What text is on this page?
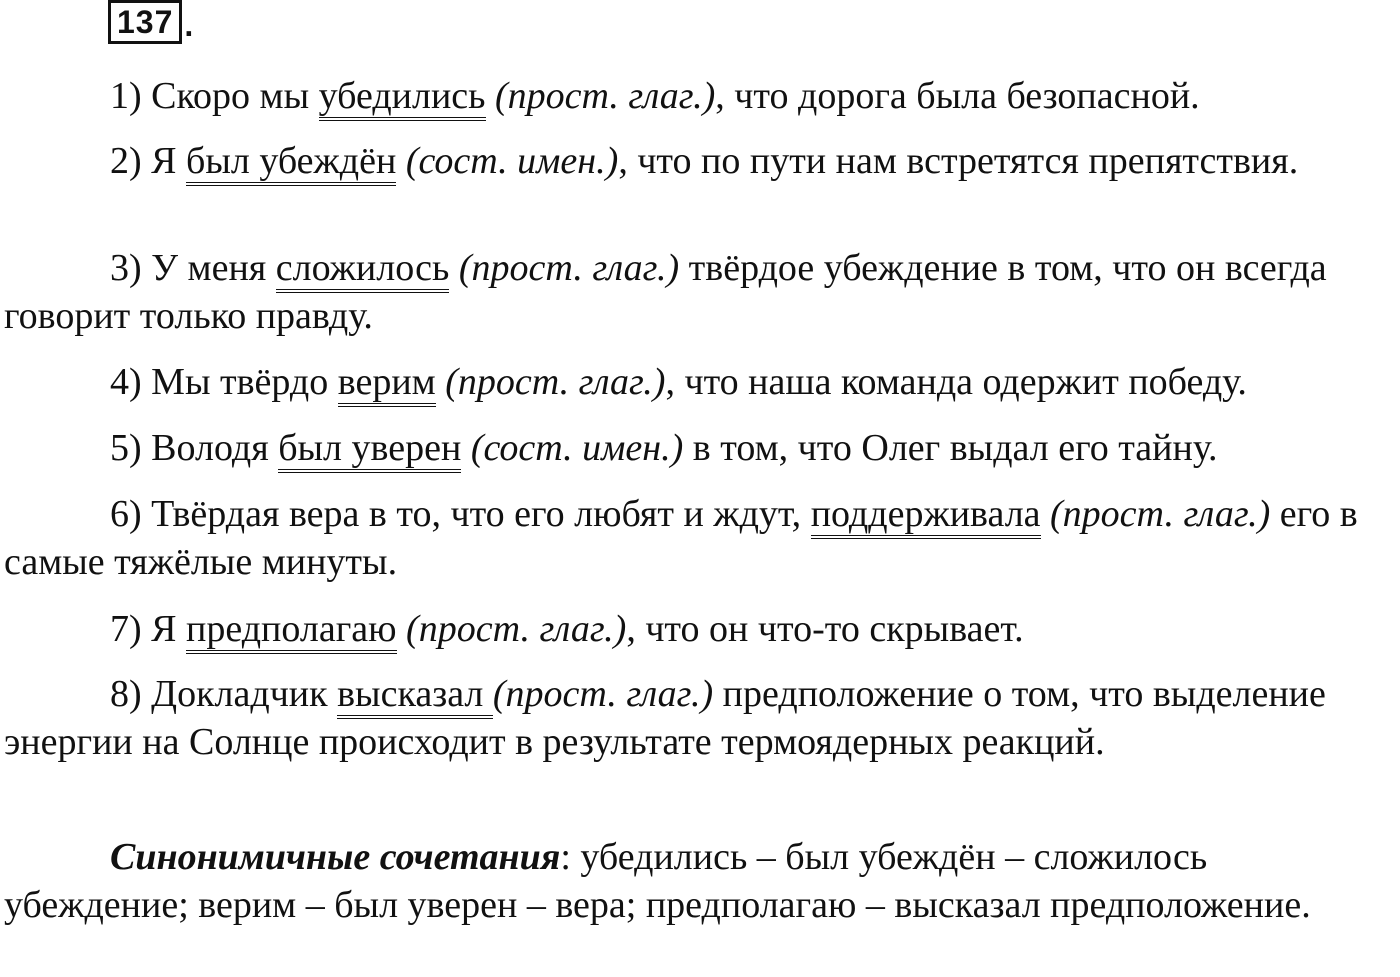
137 .
1) Скоро мы убедились (прост. глаг.), что дорога была безопасной.
2) Я был убеждён (сост. имен.), что по пути нам встретятся препятствия.
3) У меня сложилось (прост. глаг.) твёрдое убеждение в том, что он всегда говорит только правду.
4) Мы твёрдо верим (прост. глаг.), что наша команда одержит победу.
5) Володя был уверен (сост. имен.) в том, что Олег выдал его тайну.
6) Твёрдая вера в то, что его любят и ждут, поддерживала (прост. глаг.) его в самые тяжёлые минуты.
7) Я предполагаю (прост. глаг.), что он что-то скрывает.
8) Докладчик высказал (прост. глаг.) предположение о том, что выделение энергии на Солнце происходит в результате термоядерных реакций.
Синонимичные сочетания: убедились – был убеждён – сложилось убеждение; верим – был уверен – вера; предполагаю – высказал предположение.
